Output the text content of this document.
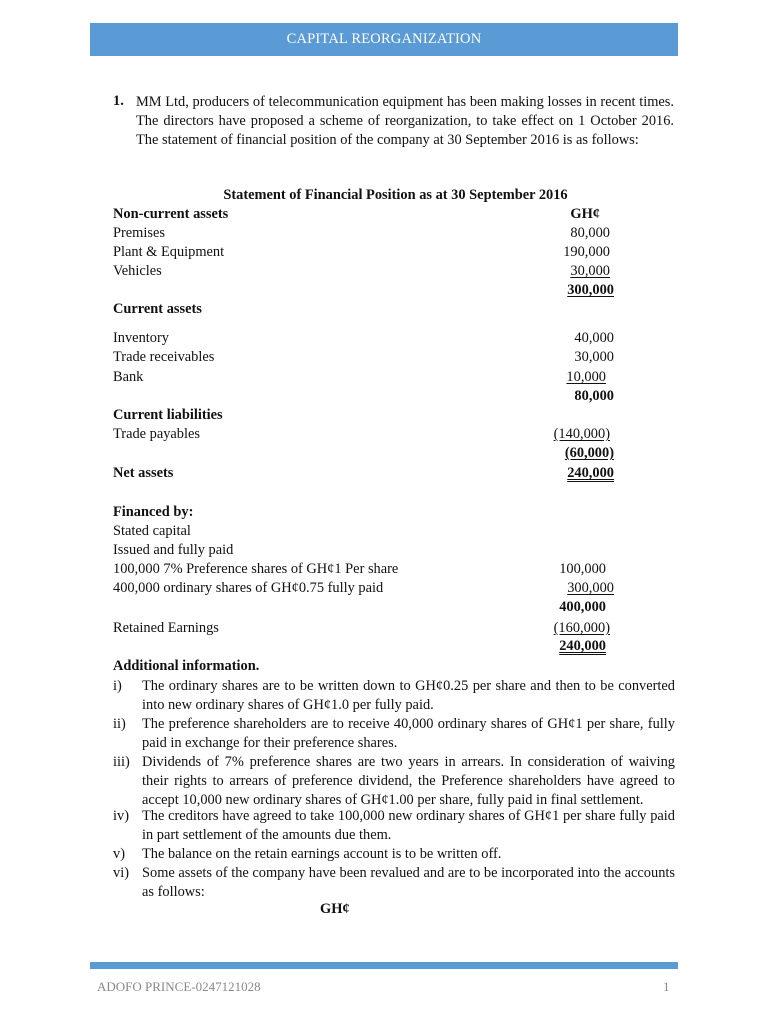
CAPITAL REORGANIZATION
1. MM Ltd, producers of telecommunication equipment has been making losses in recent times. The directors have proposed a scheme of reorganization, to take effect on 1 October 2016. The statement of financial position of the company at 30 September 2016 is as follows:
Statement of Financial Position as at 30 September 2016
Non-current assets	GH¢
Premises	80,000
Plant & Equipment	190,000
Vehicles	30,000
300,000
Current assets
Inventory	40,000
Trade receivables	30,000
Bank	10,000
80,000
Current liabilities
Trade payables	(140,000)
(60,000)
Net assets	240,000
Financed by:
Stated capital
Issued and fully paid
100,000 7% Preference shares of GH¢1 Per share	100,000
400,000 ordinary shares of GH¢0.75 fully paid	300,000
400,000
Retained Earnings	(160,000)
240,000
Additional information.
i) The ordinary shares are to be written down to GH¢0.25 per share and then to be converted into new ordinary shares of GH¢1.0 per fully paid.
ii) The preference shareholders are to receive 40,000 ordinary shares of GH¢1 per share, fully paid in exchange for their preference shares.
iii) Dividends of 7% preference shares are two years in arrears. In consideration of waiving their rights to arrears of preference dividend, the Preference shareholders have agreed to accept 10,000 new ordinary shares of GH¢1.00 per share, fully paid in final settlement.
iv) The creditors have agreed to take 100,000 new ordinary shares of GH¢1 per share fully paid in part settlement of the amounts due them.
v) The balance on the retain earnings account is to be written off.
vi) Some assets of the company have been revalued and are to be incorporated into the accounts as follows:
GH¢
ADOFO PRINCE-0247121028	1
